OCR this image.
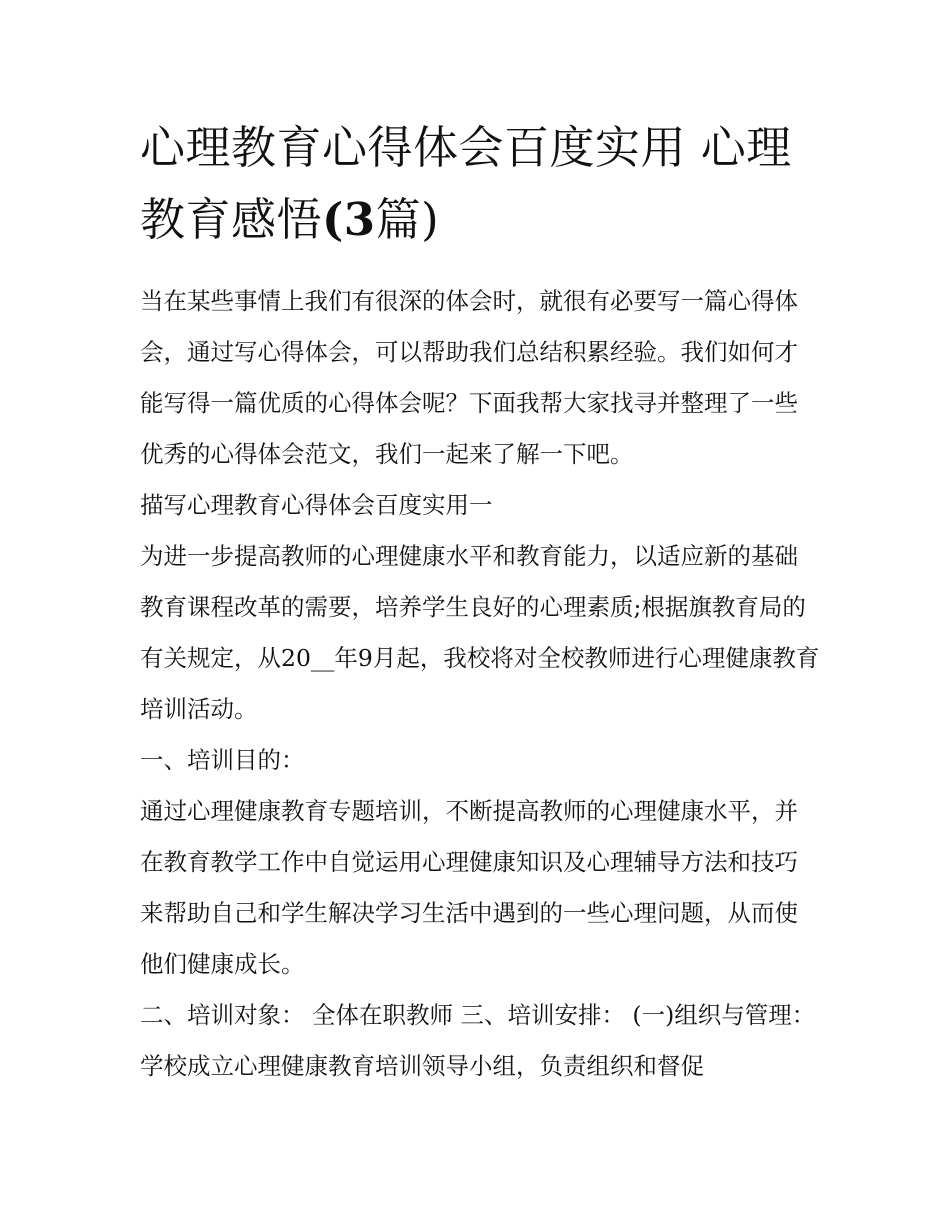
心理教育心得体会百度实用 心理教育感悟(3篇)

当在某些事情上我们有很深的体会时，就很有必要写一篇心得体会，通过写心得体会，可以帮助我们总结积累经验。我们如何才能写得一篇优质的心得体会呢？下面我帮大家找寻并整理了一些优秀的心得体会范文，我们一起来了解一下吧。

描写心理教育心得体会百度实用一

为进一步提高教师的心理健康水平和教育能力，以适应新的基础教育课程改革的需要，培养学生良好的心理素质;根据旗教育局的有关规定，从20__年9月起，我校将对全校教师进行心理健康教育培训活动。

一、培训目的：

通过心理健康教育专题培训，不断提高教师的心理健康水平，并在教育教学工作中自觉运用心理健康知识及心理辅导方法和技巧来帮助自己和学生解决学习生活中遇到的一些心理问题，从而使他们健康成长。

二、培训对象： 全体在职教师 三、培训安排： (一)组织与管理： 学校成立心理健康教育培训领导小组，负责组织和督促
